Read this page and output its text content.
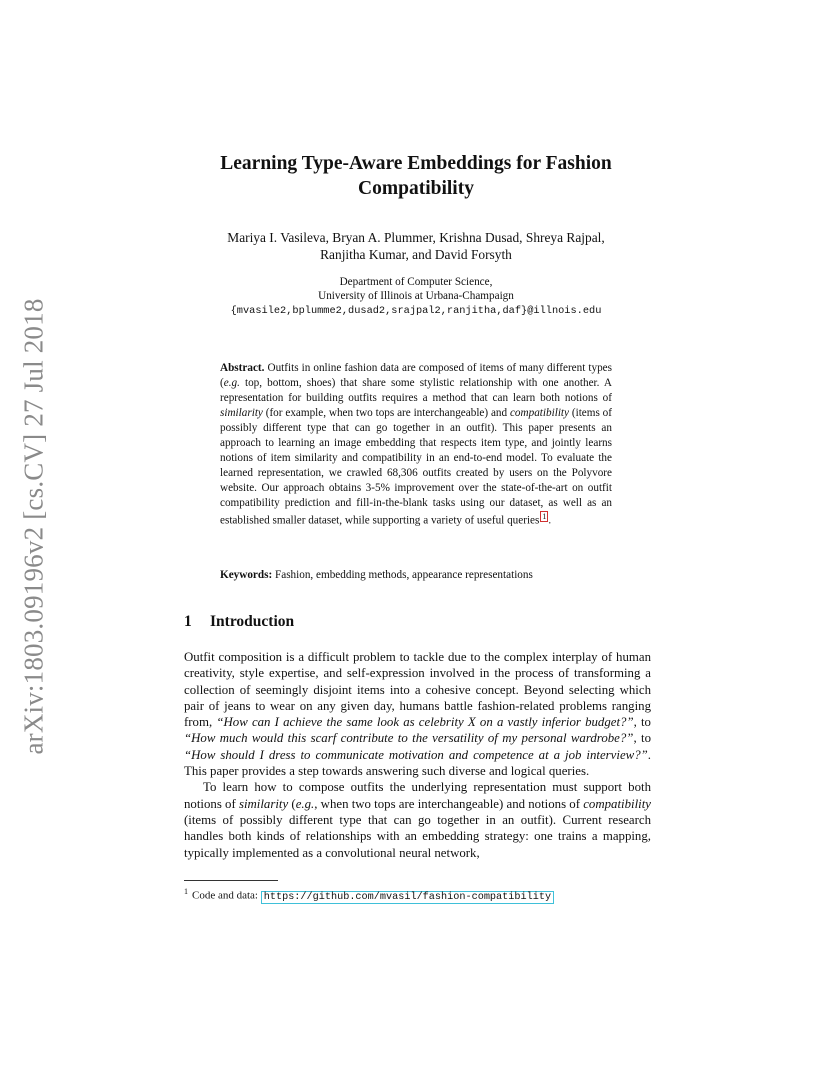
arXiv:1803.09196v2 [cs.CV] 27 Jul 2018
Learning Type-Aware Embeddings for Fashion
Compatibility
Mariya I. Vasileva, Bryan A. Plummer, Krishna Dusad, Shreya Rajpal,
Ranjitha Kumar, and David Forsyth
Department of Computer Science,
University of Illinois at Urbana-Champaign
{mvasile2,bplumme2,dusad2,srajpal2,ranjitha,daf}@illnois.edu
Abstract. Outfits in online fashion data are composed of items of many different types (e.g. top, bottom, shoes) that share some stylistic relationship with one another. A representation for building outfits requires a method that can learn both notions of similarity (for example, when two tops are interchangeable) and compatibility (items of possibly different type that can go together in an outfit). This paper presents an approach to learning an image embedding that respects item type, and jointly learns notions of item similarity and compatibility in an end-to-end model. To evaluate the learned representation, we crawled 68,306 outfits created by users on the Polyvore website. Our approach obtains 3-5% improvement over the state-of-the-art on outfit compatibility prediction and fill-in-the-blank tasks using our dataset, as well as an established smaller dataset, while supporting a variety of useful queries 1 .
Keywords: Fashion, embedding methods, appearance representations
1 Introduction

Outfit composition is a difficult problem to tackle due to the complex interplay of human creativity, style expertise, and self-expression involved in the process of transforming a collection of seemingly disjoint items into a cohesive concept. Beyond selecting which pair of jeans to wear on any given day, humans battle fashion-related problems ranging from, “How can I achieve the same look as celebrity X on a vastly inferior budget?”, to “How much would this scarf contribute to the versatility of my personal wardrobe?”, to “How should I dress to communicate motivation and competence at a job interview?”. This paper provides a step towards answering such diverse and logical queries.

To learn how to compose outfits the underlying representation must support both notions of similarity (e.g., when two tops are interchangeable) and notions of compatibility (items of possibly different type that can go together in an outfit). Current research handles both kinds of relationships with an embedding strategy: one trains a mapping, typically implemented as a convolutional neural network,

$^1$ Code and data: https://github.com/mvasil/fashion-compatibility
